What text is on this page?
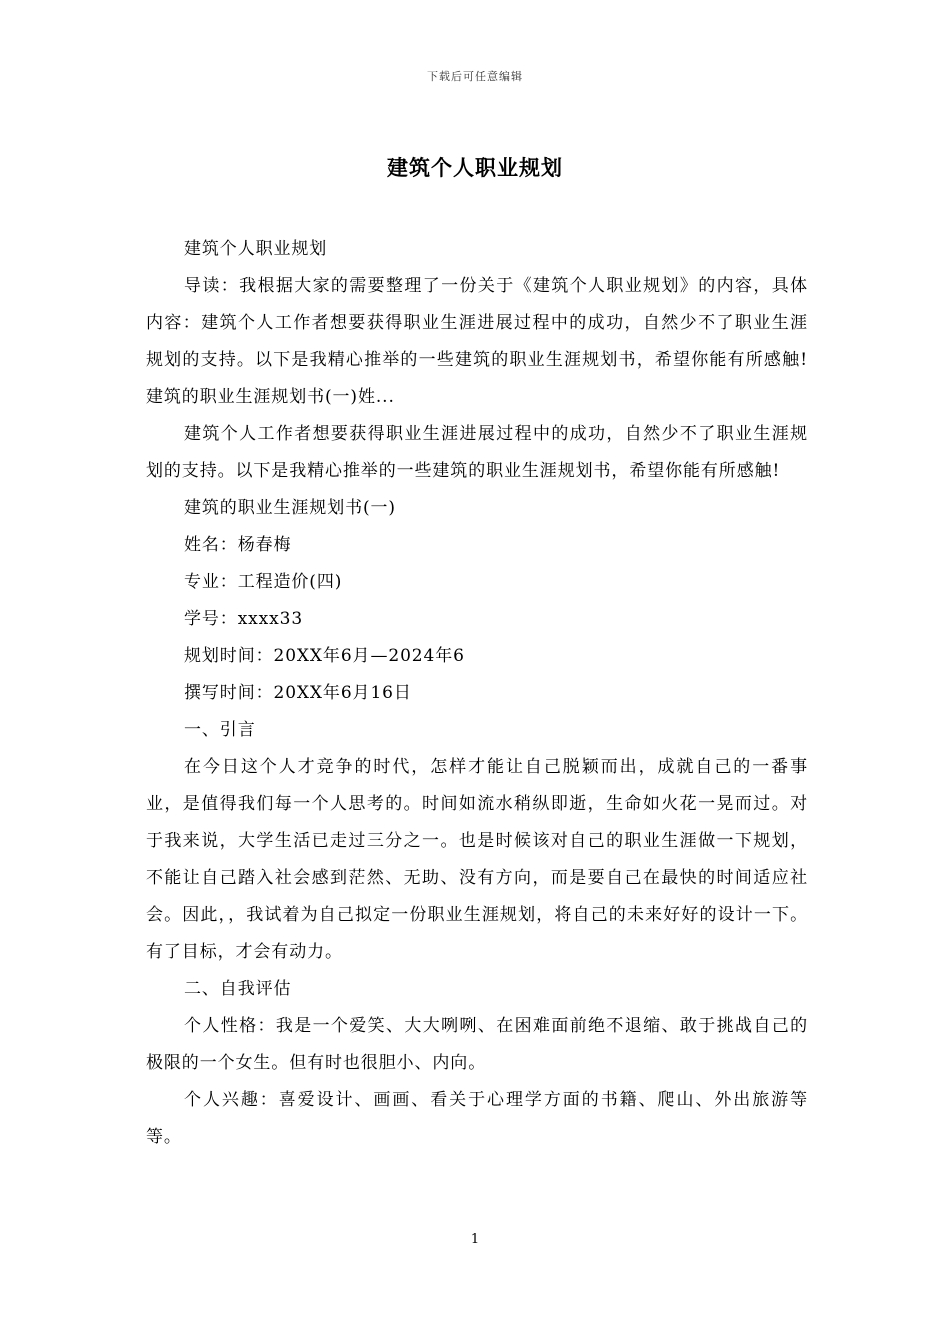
下载后可任意编辑
建筑个人职业规划

建筑个人职业规划

导读：我根据大家的需要整理了一份关于《建筑个人职业规划》的内容，具体内容：建筑个人工作者想要获得职业生涯进展过程中的成功，自然少不了职业生涯规划的支持。以下是我精心推举的一些建筑的职业生涯规划书，希望你能有所感触!建筑的职业生涯规划书(一)姓...

建筑个人工作者想要获得职业生涯进展过程中的成功，自然少不了职业生涯规划的支持。以下是我精心推举的一些建筑的职业生涯规划书，希望你能有所感触!

建筑的职业生涯规划书(一)

姓名：杨春梅

专业：工程造价(四)

学号：xxxx33

规划时间：20XX年6月—2024年6

撰写时间：20XX年6月16日

一、引言

在今日这个人才竞争的时代，怎样才能让自己脱颖而出，成就自己的一番事业，是值得我们每一个人思考的。时间如流水稍纵即逝，生命如火花一晃而过。对于我来说，大学生活已走过三分之一。也是时候该对自己的职业生涯做一下规划，不能让自己踏入社会感到茫然、无助、没有方向，而是要自己在最快的时间适应社会。因此，，我试着为自己拟定一份职业生涯规划，将自己的未来好好的设计一下。有了目标，才会有动力。

二、自我评估

个人性格：我是一个爱笑、大大咧咧、在困难面前绝不退缩、敢于挑战自己的极限的一个女生。但有时也很胆小、内向。

个人兴趣：喜爱设计、画画、看关于心理学方面的书籍、爬山、外出旅游等等。

1
